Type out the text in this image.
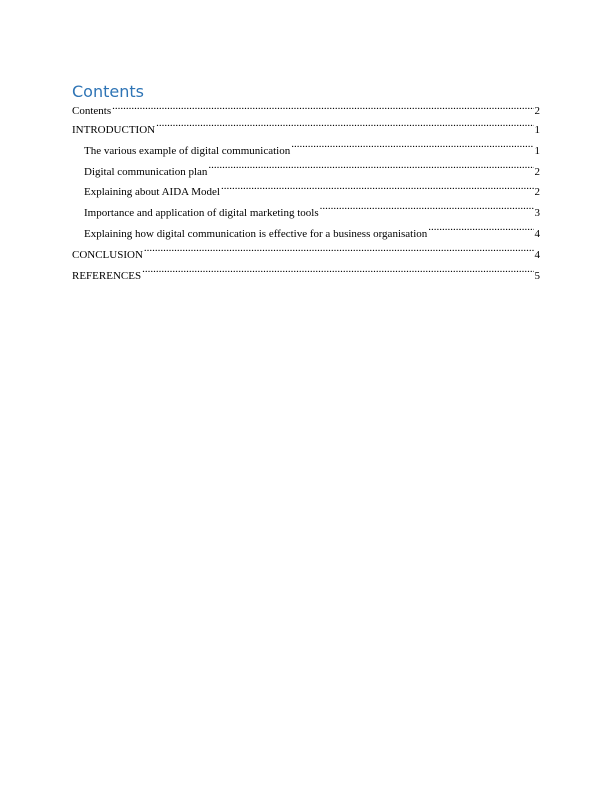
Contents
Contents .....	2
INTRODUCTION .....	1
The various example of digital communication .....	1
Digital communication plan .....	2
Explaining about AIDA Model .....	2
Importance and application of digital marketing tools .....	3
Explaining how digital communication is effective for a business organisation .....	4
CONCLUSION .....	4
REFERENCES .....	5
